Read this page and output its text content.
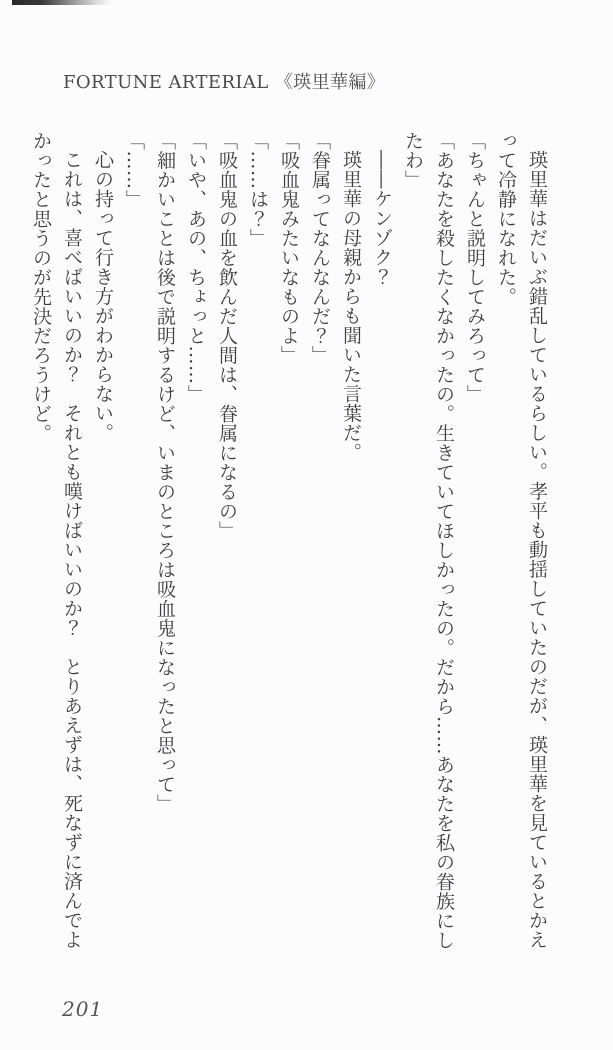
FORTUNE ARTERIAL 《瑛里華編》

瑛里華はだいぶ錯乱しているらしい。孝平も動揺していたのだが、瑛里華を見ているとかえ

って冷静になれた。

「ちゃんと説明してみろって」

「あなたを殺したくなかったの。生きていてほしかったの。だから……あなたを私の眷族にし

たわ」

――ケンゾク？

瑛里華の母親からも聞いた言葉だ。

「眷属ってなんなんだ？」

「吸血鬼みたいなものよ」

「……は？」

「吸血鬼の血を飲んだ人間は、眷属になるの」

「いや、あの、ちょっと……」

「細かいことは後で説明するけど、いまのところは吸血鬼になったと思って」

「……」

心の持って行き方がわからない。

これは、喜べばいいのか？　それとも嘆けばいいのか？　とりあえずは、死なずに済んでよ

かったと思うのが先決だろうけど。

201
